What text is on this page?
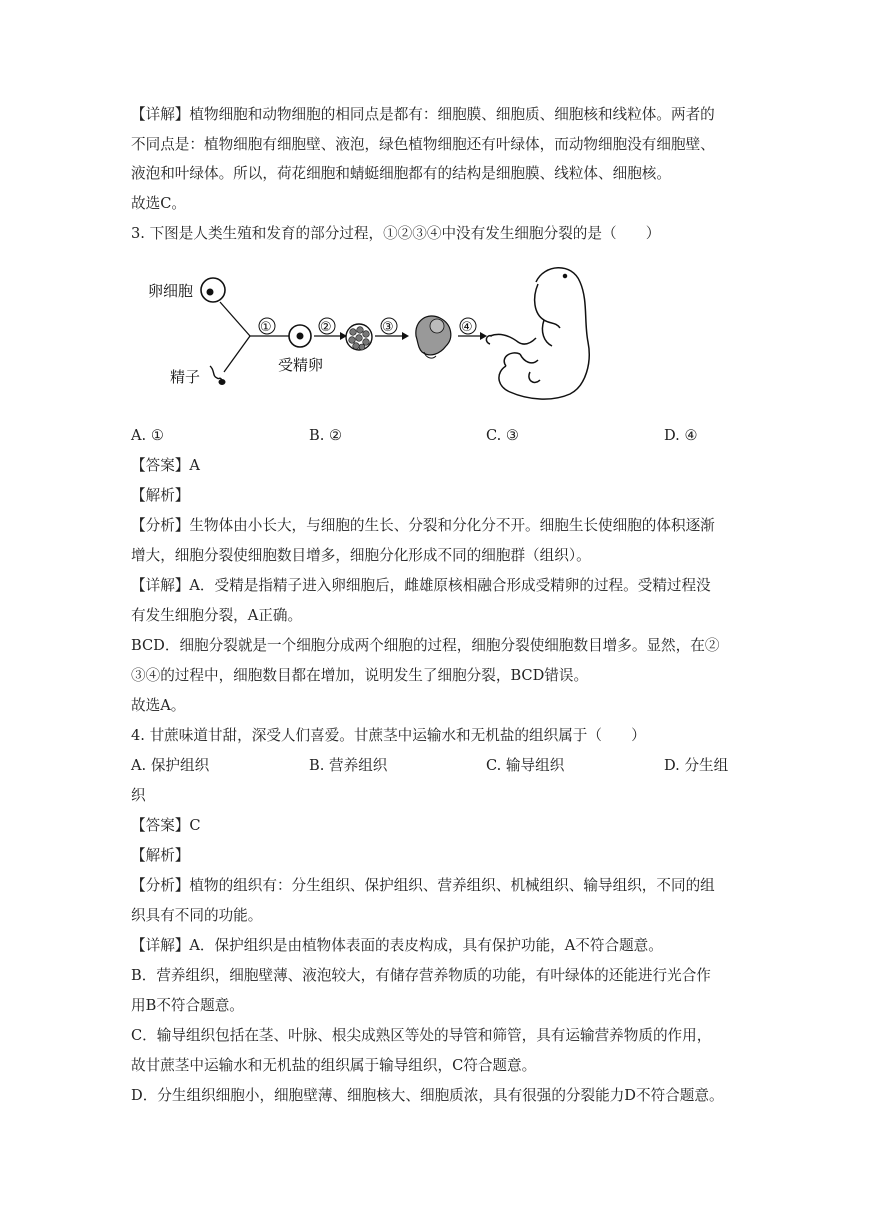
【详解】植物细胞和动物细胞的相同点是都有：细胞膜、细胞质、细胞核和线粒体。两者的
不同点是：植物细胞有细胞壁、液泡，绿色植物细胞还有叶绿体，而动物细胞没有细胞壁、
液泡和叶绿体。所以，荷花细胞和蜻蜓细胞都有的结构是细胞膜、线粒体、细胞核。
故选C。
3. 下图是人类生殖和发育的部分过程，①②③④中没有发生细胞分裂的是（　　）
卵细胞
精子
①
受精卵
②	③	④
A. ①	B. ②	C. ③	D. ④
【答案】A
【解析】
【分析】生物体由小长大，与细胞的生长、分裂和分化分不开。细胞生长使细胞的体积逐渐
增大，细胞分裂使细胞数目增多，细胞分化形成不同的细胞群（组织）。
【详解】A．受精是指精子进入卵细胞后，雌雄原核相融合形成受精卵的过程。受精过程没
有发生细胞分裂，A正确。
BCD．细胞分裂就是一个细胞分成两个细胞的过程，细胞分裂使细胞数目增多。显然，在②
③④的过程中，细胞数目都在增加，说明发生了细胞分裂，BCD错误。
故选A。
4. 甘蔗味道甘甜，深受人们喜爱。甘蔗茎中运输水和无机盐的组织属于（　　）
A. 保护组织	B. 营养组织	C. 输导组织	D. 分生组
织
【答案】C
【解析】
【分析】植物的组织有：分生组织、保护组织、营养组织、机械组织、输导组织，不同的组
织具有不同的功能。
【详解】A．保护组织是由植物体表面的表皮构成，具有保护功能，A不符合题意。
B．营养组织，细胞壁薄、液泡较大，有储存营养物质的功能，有叶绿体的还能进行光合作
用B不符合题意。
C．输导组织包括在茎、叶脉、根尖成熟区等处的导管和筛管，具有运输营养物质的作用，
故甘蔗茎中运输水和无机盐的组织属于输导组织，C符合题意。
D．分生组织细胞小，细胞壁薄、细胞核大、细胞质浓，具有很强的分裂能力D不符合题意。
